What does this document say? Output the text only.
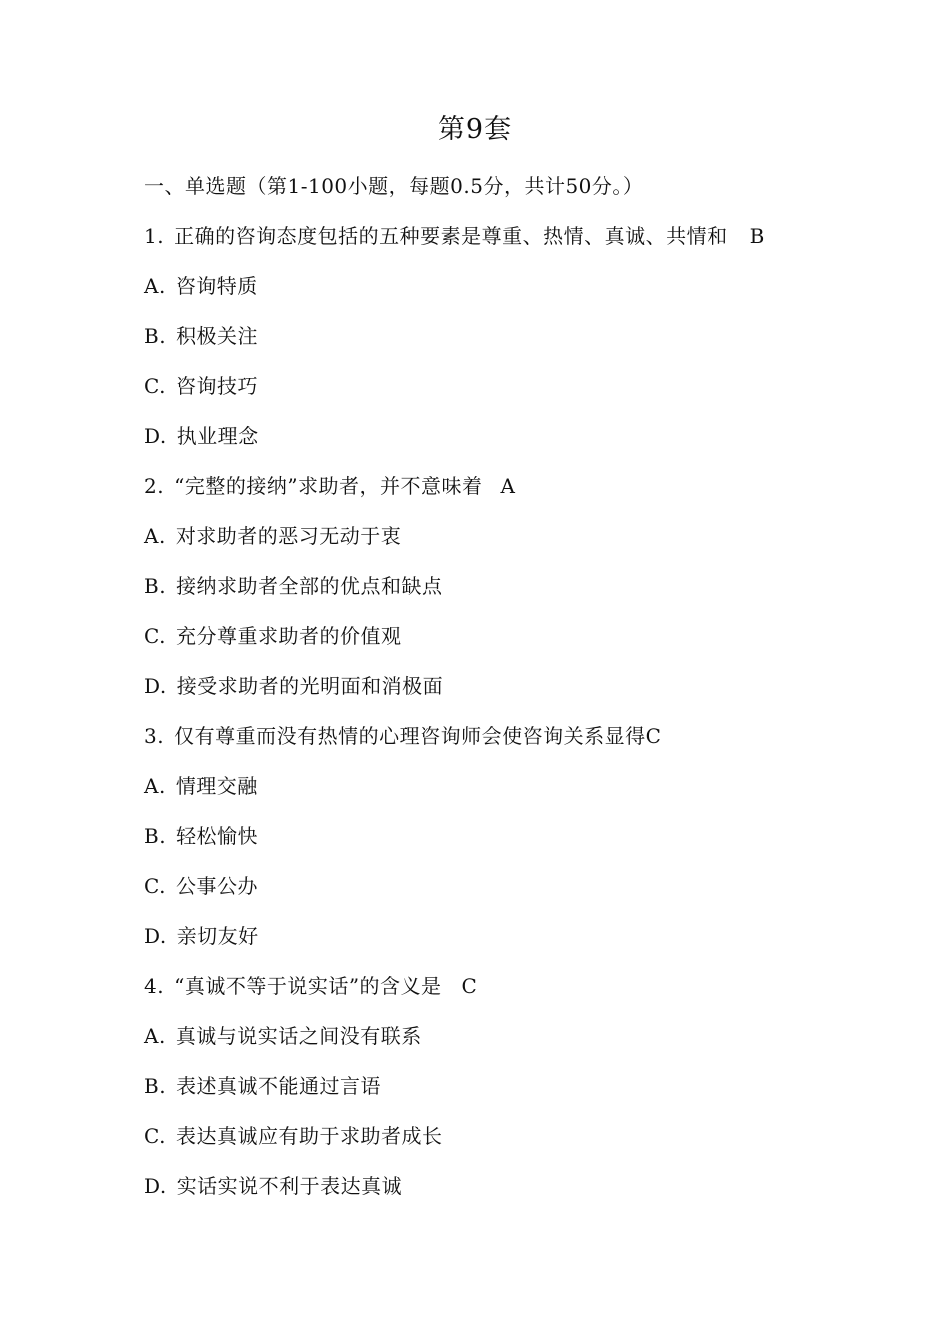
第9套
一、单选题（第1-100小题，每题0.5分，共计50分。）
1. 正确的咨询态度包括的五种要素是尊重、热情、真诚、共情和 B
A. 咨询特质
B. 积极关注
C. 咨询技巧
D. 执业理念
2. “完整的接纳”求助者，并不意味着 A
A. 对求助者的恶习无动于衷
B. 接纳求助者全部的优点和缺点
C. 充分尊重求助者的价值观
D. 接受求助者的光明面和消极面
3. 仅有尊重而没有热情的心理咨询师会使咨询关系显得C
A. 情理交融
B. 轻松愉快
C. 公事公办
D. 亲切友好
4. “真诚不等于说实话”的含义是 C
A. 真诚与说实话之间没有联系
B. 表述真诚不能通过言语
C. 表达真诚应有助于求助者成长
D. 实话实说不利于表达真诚
